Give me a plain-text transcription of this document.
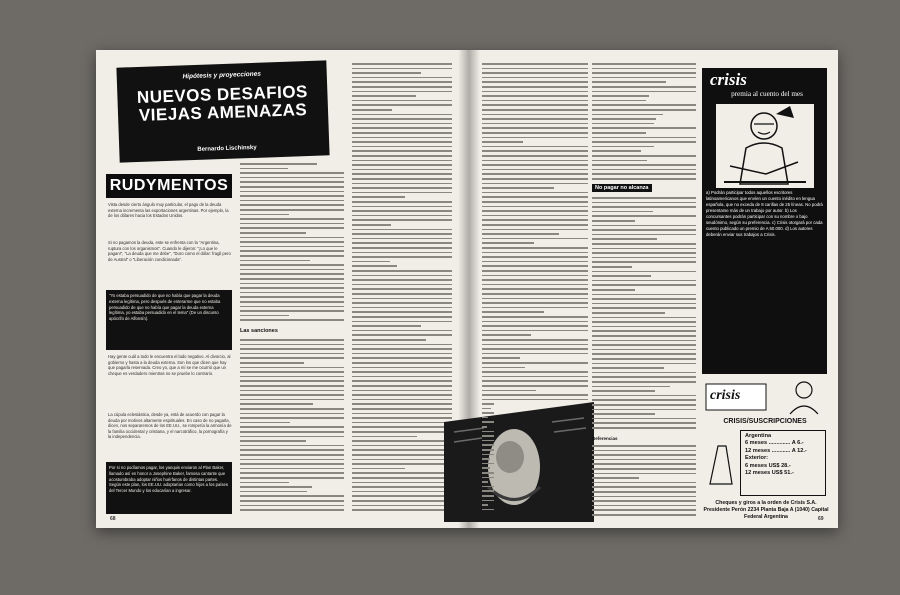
Hipótesis y proyecciones
NUEVOS DESAFIOS
VIEJAS AMENAZAS
Bernardo Lischinsky
RUDYMENTOS
Vista desde cierto ángulo muy particular, el pago de la deuda externa incrementa las exportaciones argentinas. Por ejemplo, la de los dólares hacia los Estados Unidos.
Si no pagamos la deuda, este se enfrenta con la "Argentina, ruptura con los organismos". Cuando le dijeron: "¡Lo que le pagan!", "La deuda que me debe", "Duro como el dólar: fragil pero de Austral" o "Liberación condicionada".
"Yo estaba persuadido de que no había que pagar la deuda externa legítima, pero después de enterarme que no estaba persuadido de que no había que pagar la deuda externa legítima, yo estaba persuadido en el tema" (De un discurso apócrifo de Alfonsín).
Hay gente cuál a todo le encuentra el lado negativo. Al divorcio, al gobierno y hasta a la deuda externa. Son los que dicen que hay que pagarla reservada. Creo yo, que a mí se me ocurrió que un cheque es verdadero mientras no se pruebe lo contrario.
La cúpula eclesiástica, desde ya, está de acuerdo con pagar la deuda por motivos altamente espirituales. En caso de no pagarla, dicen, nos separaremos de los EE.UU., se rompería la armonía de la familia occidental y cristiana, y el narcotráfico, la pornografía y la independencia.
Por si no podíamos pagar, los yanquis enviaron al Plan Baker, llamado así en honor a Josephine Baker, famosa cantante que acostumbraba adoptar niños huérfanos de distintas partes. Según este plan, los EE.UU. adoptarían como hijos a los países del Tercer Mundo y los educarían a ingresar.
Las sanciones
68
No pagar no alcanza
Referencias
crisis
premia al cuento del mes
a) Podrán participar todos aquellos escritores latinoamericanos que envíen un cuento inédito en lengua española, que no exceda de 8 carillas de 25 líneas. No podrá presentarse más de un trabajo por autor. b) Los concursantes podrán participar con su nombre o bajo seudónimo, según su preferencia. c) Crisis otorgará por cada cuento publicado un premio de A 50.000. d) Los autores deberán enviar sus trabajos a Crisis.
crisis
CRISIS/SUSCRIPCIONES
Argentina
6 meses .............. A 6.-
12 meses ............ A 12.-
Exterior:
6 meses US$ 28.-
12 meses US$ 51.-
Cheques y giros a la orden de Crisis S.A. Presidente Perón 2234 Planta Baja A (1040) Capital Federal Argentina	69
